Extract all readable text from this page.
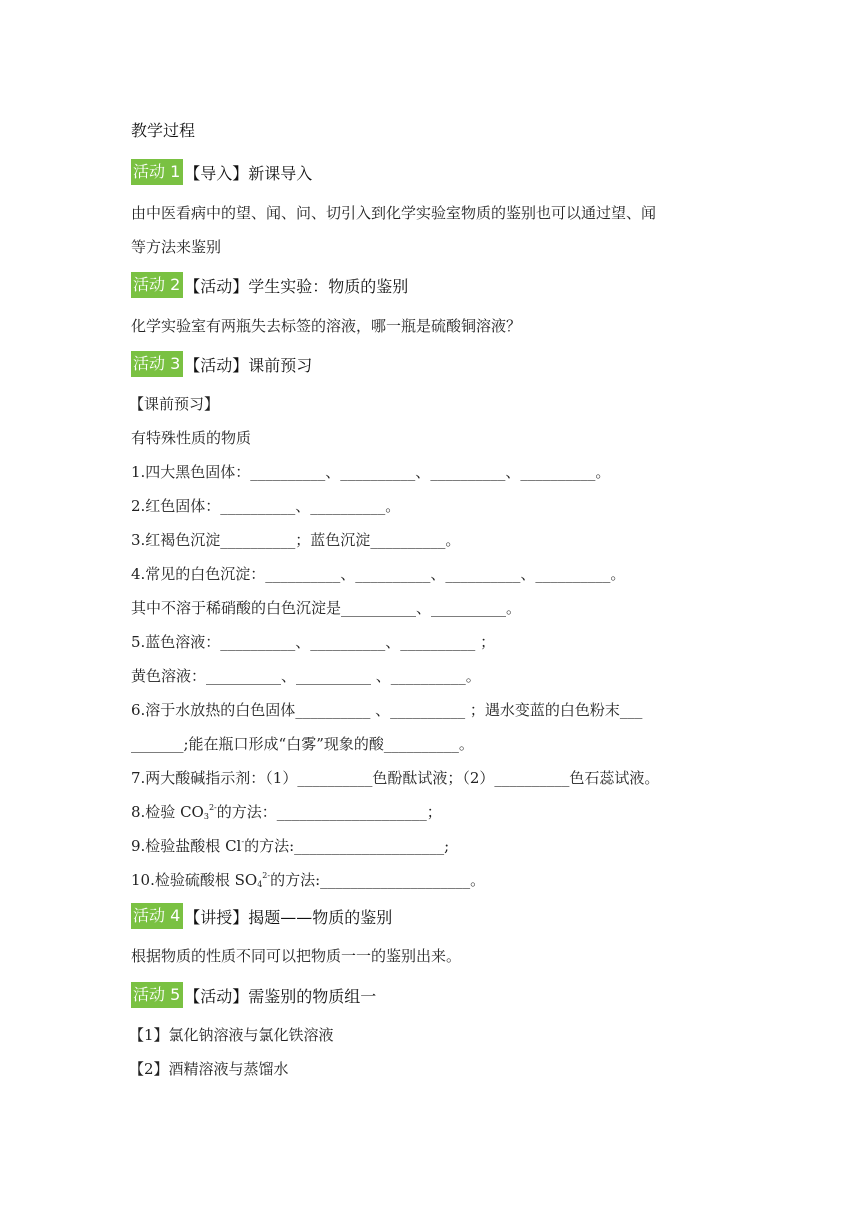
教学过程
活动 1 【导入】新课导入
由中医看病中的望、闻、问、切引入到化学实验室物质的鉴别也可以通过望、闻
等方法来鉴别
活动 2 【活动】学生实验：物质的鉴别
化学实验室有两瓶失去标签的溶液，哪一瓶是硫酸铜溶液？
活动 3 【活动】课前预习
【课前预习】
有特殊性质的物质
1.四大黑色固体：__________、__________、__________、__________。
2.红色固体：__________、__________。
3.红褐色沉淀__________；蓝色沉淀__________。
4.常见的白色沉淀：__________、__________、__________、__________。
其中不溶于稀硝酸的白色沉淀是__________、__________。
5.蓝色溶液：__________、__________、__________ ；
黄色溶液：__________、__________ 、__________。
6.溶于水放热的白色固体__________ 、__________ ；遇水变蓝的白色粉末___
_______;能在瓶口形成“白雾”现象的酸__________。
7.两大酸碱指示剂：（1）__________色酚酞试液；（2）__________色石蕊试液。
8.检验 $CO_3^{2-}$的方法：____________________；
9.检验盐酸根 Cl-的方法:____________________;
10.检验硫酸根 $SO_4^{2-}$的方法:____________________。
活动 4 【讲授】揭题——物质的鉴别
根据物质的性质不同可以把物质一一的鉴别出来。
活动 5 【活动】需鉴别的物质组一
【1】氯化钠溶液与氯化铁溶液
【2】酒精溶液与蒸馏水
